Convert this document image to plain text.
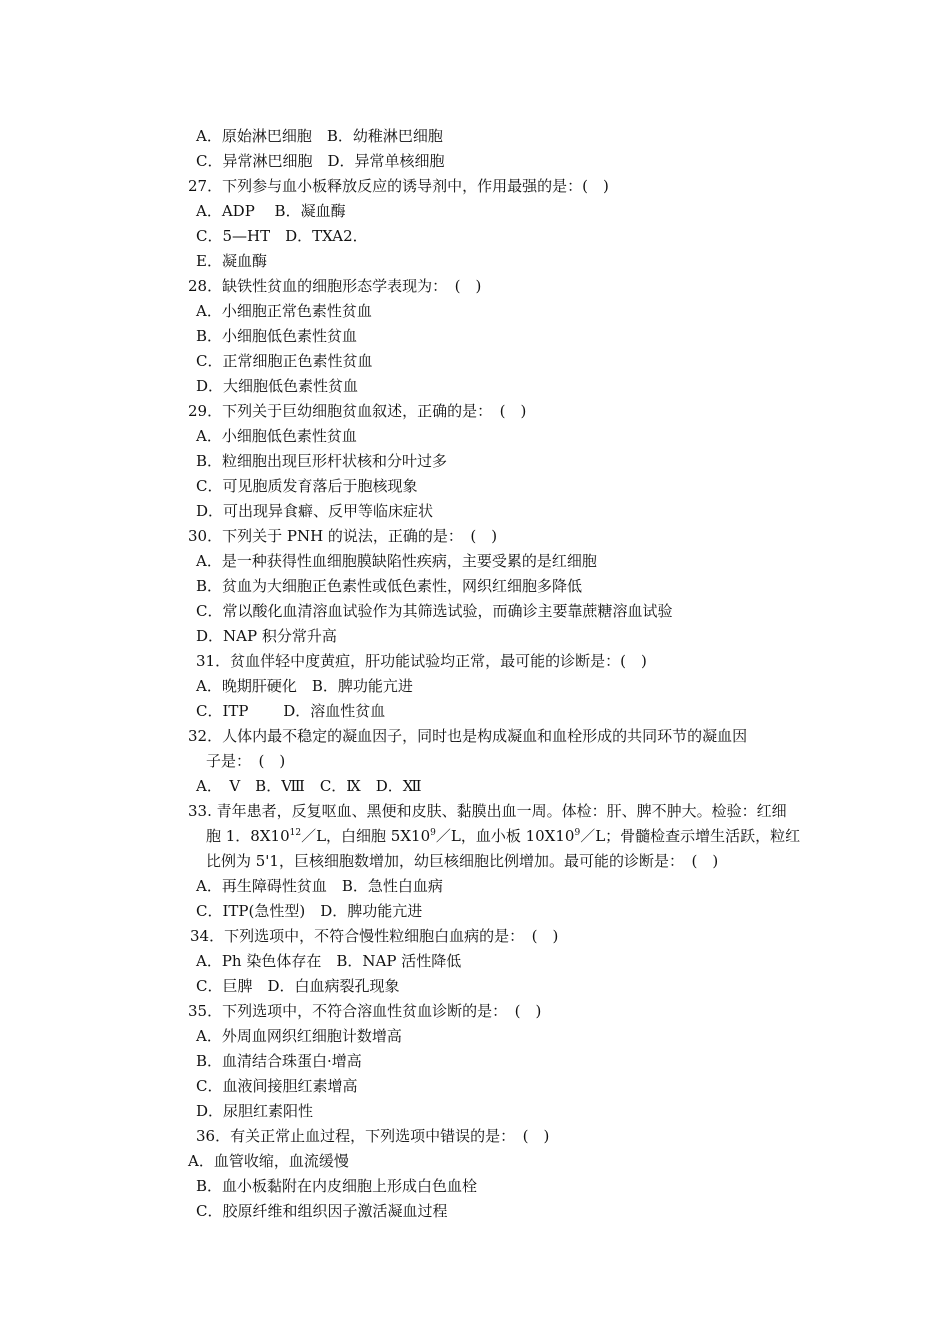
A．原始淋巴细胞　B．幼稚淋巴细胞
C．异常淋巴细胞　D．异常单核细胞
27．下列参与血小板释放反应的诱导剂中，作用最强的是：(　)
A．ADP　 B．凝血酶
C．5—HT　D．TXA2．
E．凝血酶
28．缺铁性贫血的细胞形态学表现为：　(　)
A．小细胞正常色素性贫血
B．小细胞低色素性贫血
C．正常细胞正色素性贫血
D．大细胞低色素性贫血
29．下列关于巨幼细胞贫血叙述，正确的是：　(　)
A．小细胞低色素性贫血
B．粒细胞出现巨形杆状核和分叶过多
C．可见胞质发育落后于胞核现象
D．可出现异食癖、反甲等临床症状
30．下列关于 PNH 的说法，正确的是：　(　)
A．是一种获得性血细胞膜缺陷性疾病，主要受累的是红细胞
B．贫血为大细胞正色素性或低色素性，网织红细胞多降低
C．常以酸化血清溶血试验作为其筛选试验，而确诊主要靠蔗糖溶血试验
D．NAP 积分常升高
31．贫血伴轻中度黄疸，肝功能试验均正常，最可能的诊断是：(　)
A．晚期肝硬化　B．脾功能亢进
C．ITP　　 D．溶血性贫血
32．人体内最不稳定的凝血因子，同时也是构成凝血和血栓形成的共同环节的凝血因
子是：　(　)
A．　V　B．Ⅷ　C．Ⅸ　D．Ⅻ
33. 青年患者，反复呕血、黑便和皮肤、黏膜出血一周。体检：肝、脾不肿大。检验：红细
胞 1．$8X10^{12}/L$，白细胞 $5X10^9/L$，血小板 $10X10^9/L$；骨髓检查示增生活跃，粒红
比例为 5'1，巨核细胞数增加，幼巨核细胞比例增加。最可能的诊断是：　(　)
A．再生障碍性贫血　B．急性白血病
C．ITP(急性型)　D．脾功能亢进
34．下列选项中，不符合慢性粒细胞白血病的是：　(　)
A．Ph 染色体存在　B．NAP 活性降低
C．巨脾　D．白血病裂孔现象
35．下列选项中，不符合溶血性贫血诊断的是：　(　)
A．外周血网织红细胞计数增高
B．血清结合珠蛋白·增高
C．血液间接胆红素增高
D．尿胆红素阳性
36．有关正常止血过程，下列选项中错误的是：　(　)
A．血管收缩，血流缓慢
B．血小板黏附在内皮细胞上形成白色血栓
C．胶原纤维和组织因子激活凝血过程
